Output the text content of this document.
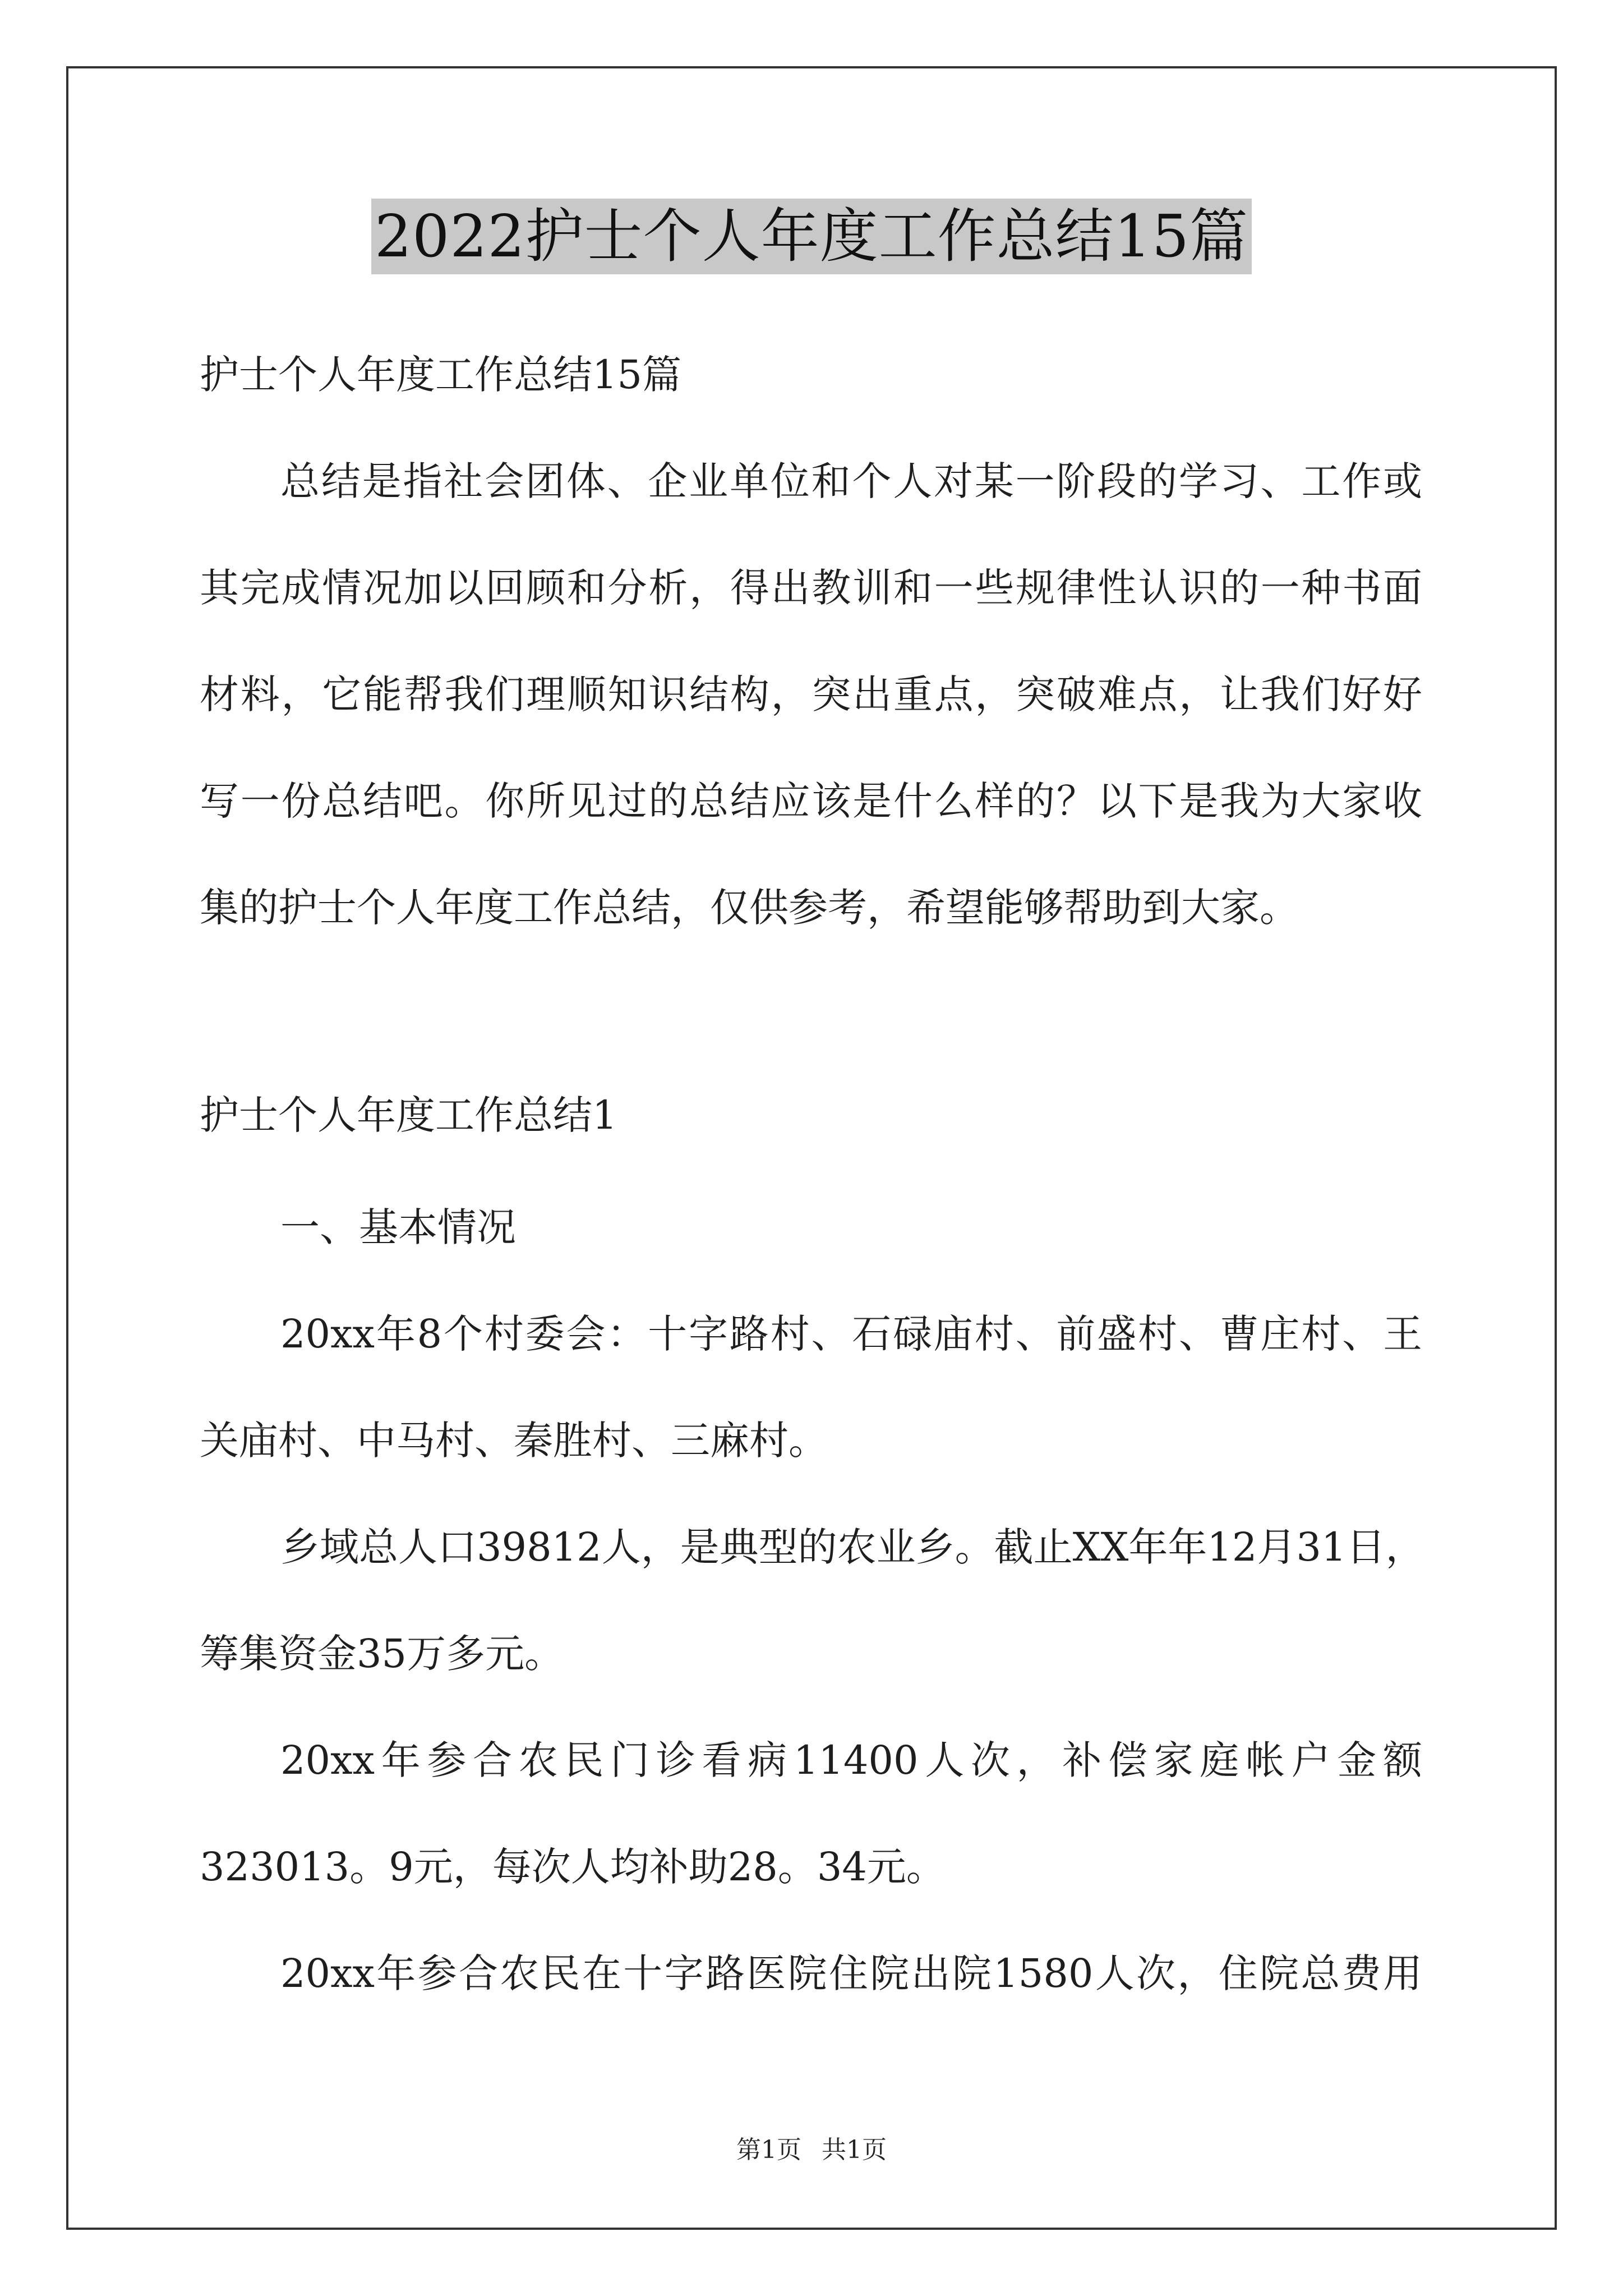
2022护士个人年度工作总结15篇
护士个人年度工作总结15篇
总结是指社会团体、企业单位和个人对某一阶段的学习、工作或
其完成情况加以回顾和分析，得出教训和一些规律性认识的一种书面
材料，它能帮我们理顺知识结构，突出重点，突破难点，让我们好好
写一份总结吧。你所见过的总结应该是什么样的？以下是我为大家收
集的护士个人年度工作总结，仅供参考，希望能够帮助到大家。
护士个人年度工作总结1
一、基本情况
20xx年8个村委会：十字路村、石碌庙村、前盛村、曹庄村、王
关庙村、中马村、秦胜村、三麻村。
乡域总人口39812人，是典型的农业乡。截止XX年年12月31日，
筹集资金35万多元。
20xx年参合农民门诊看病11400人次，补偿家庭帐户金额
323013。9元，每次人均补助28。34元。
20xx年参合农民在十字路医院住院出院1580人次，住院总费用
第1页 共1页
